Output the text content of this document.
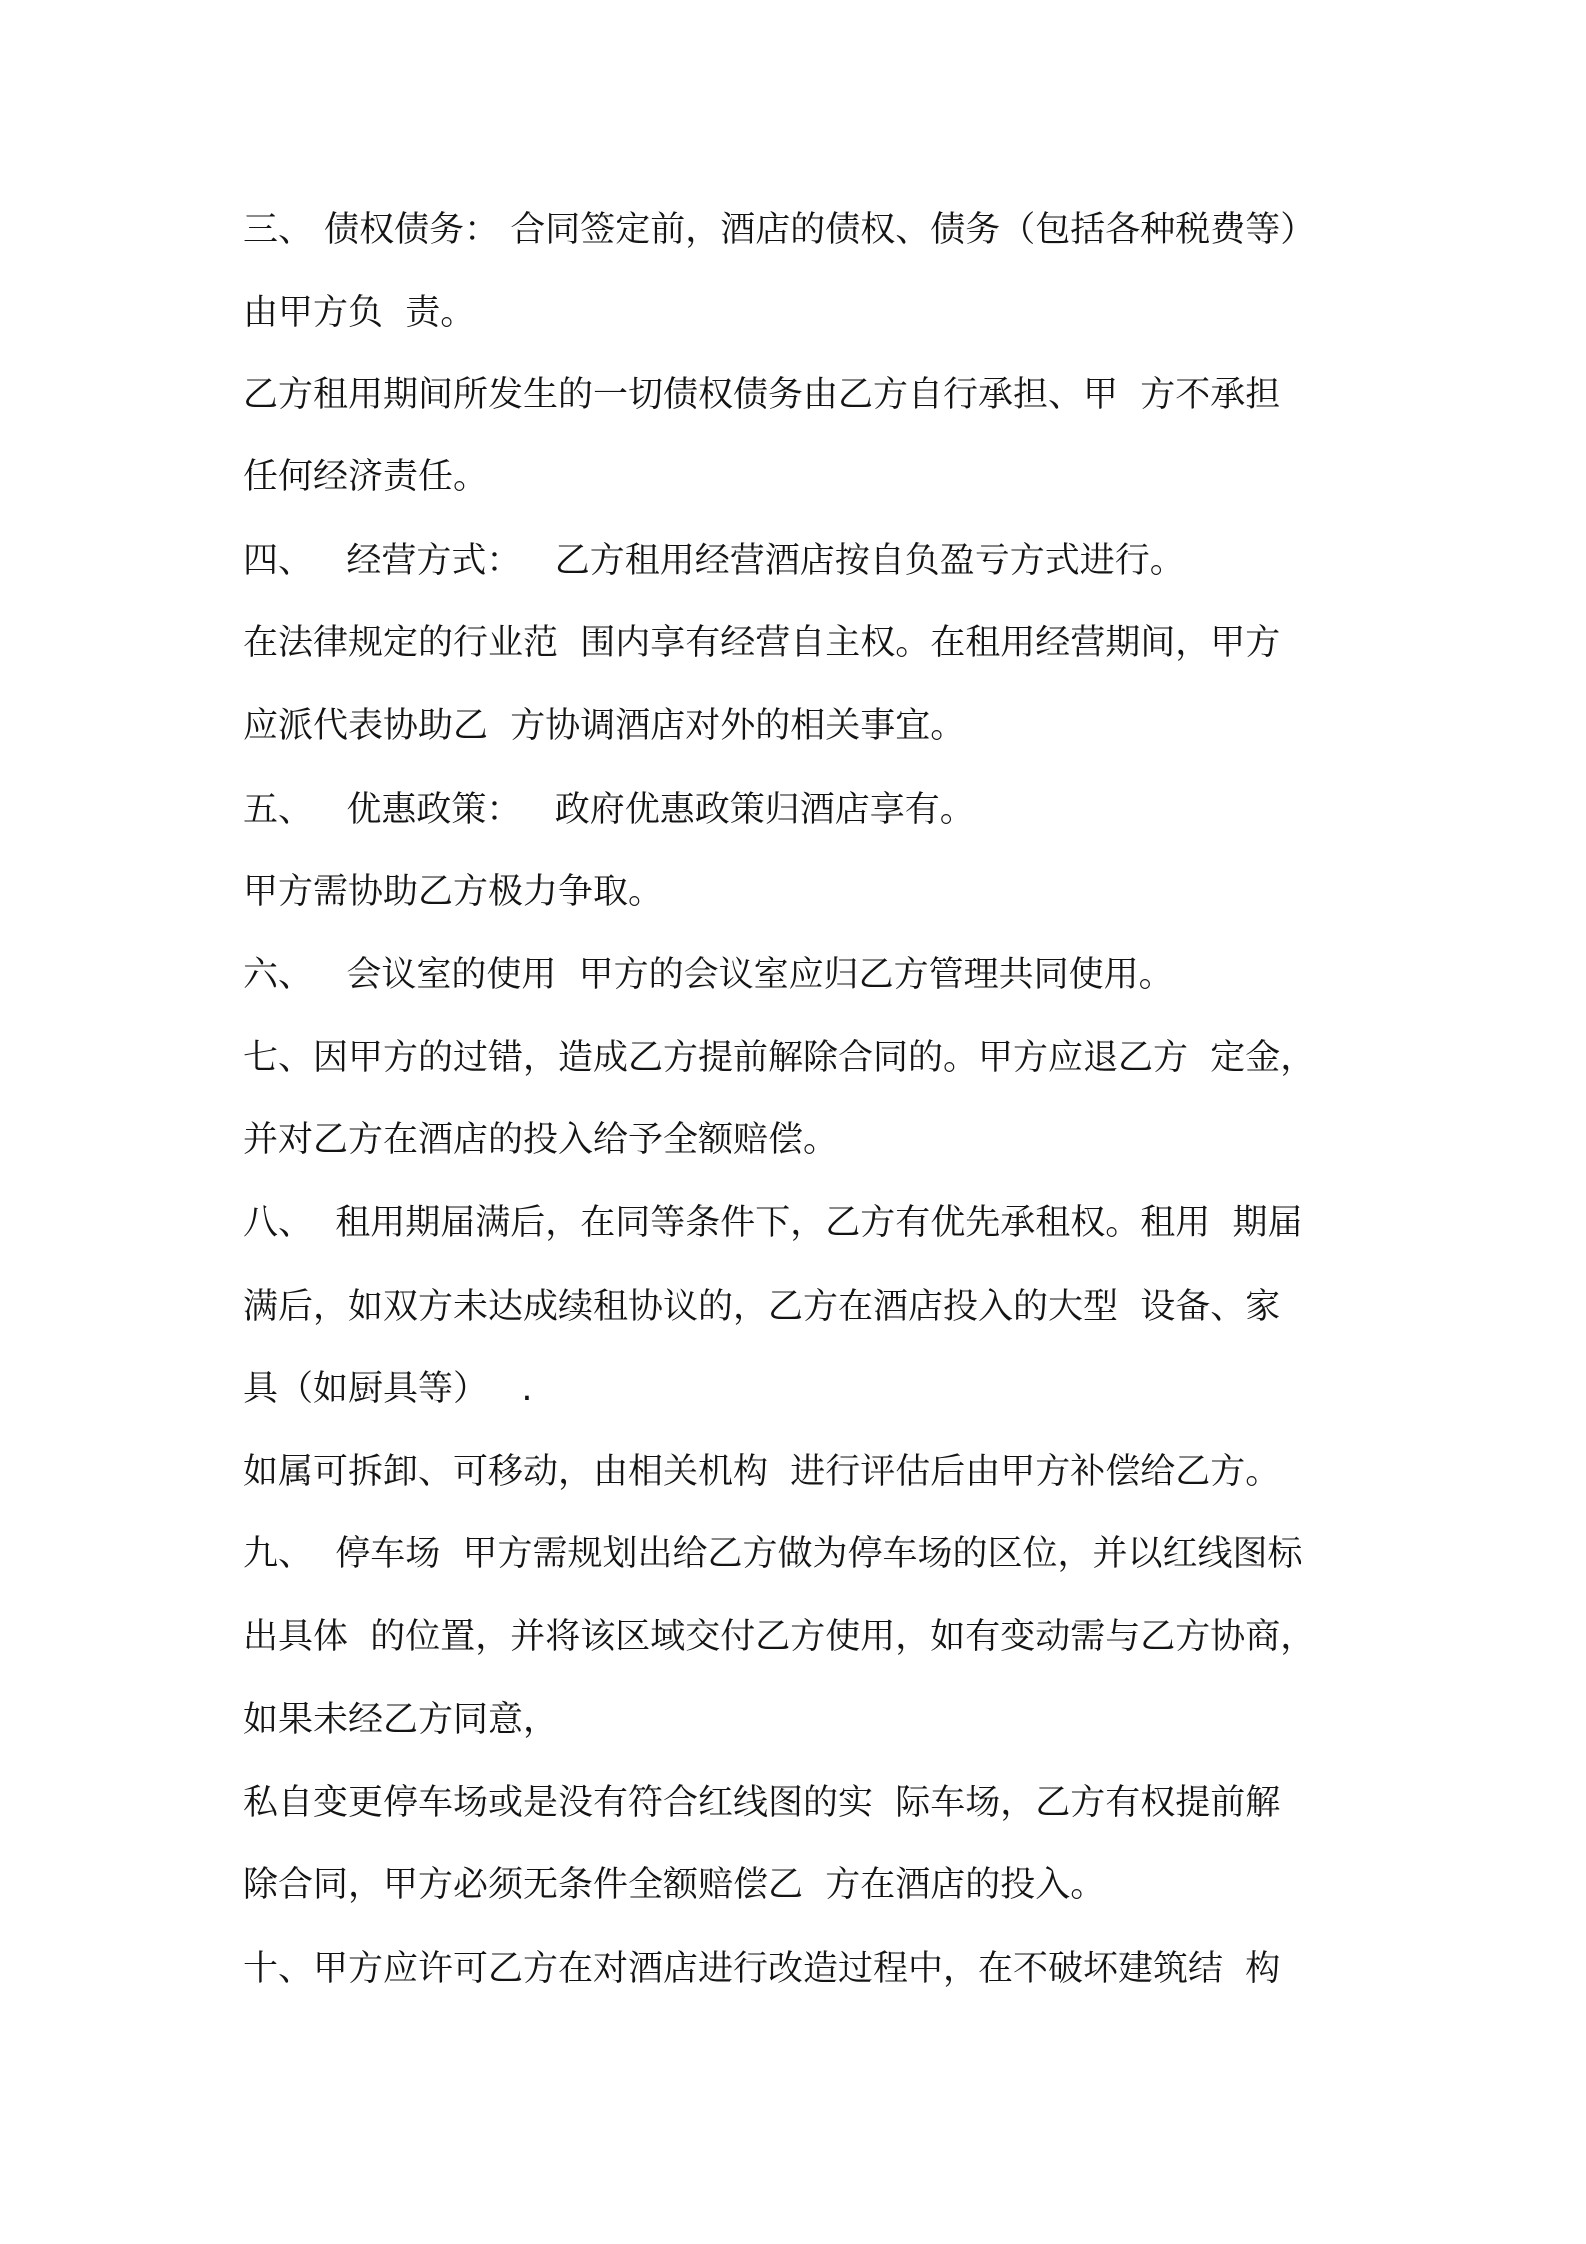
三、 债权债务： 合同签定前，酒店的债权、债务（包括各种税费等）

由甲方负  责。

乙方租用期间所发生的一切债权债务由乙方自行承担、甲  方不承担

任何经济责任。

四、   经营方式：   乙方租用经营酒店按自负盈亏方式进行。

在法律规定的行业范  围内享有经营自主权。在租用经营期间，甲方

应派代表协助乙  方协调酒店对外的相关事宜。

五、   优惠政策：   政府优惠政策归酒店享有。

甲方需协助乙方极力争取。

六、   会议室的使用  甲方的会议室应归乙方管理共同使用。

七、因甲方的过错，造成乙方提前解除合同的。甲方应退乙方  定金，

并对乙方在酒店的投入给予全额赔偿。

八、  租用期届满后，在同等条件下，乙方有优先承租权。租用  期届

满后，如双方未达成续租协议的，乙方在酒店投入的大型  设备、家

具（如厨具等）   .

如属可拆卸、可移动，由相关机构  进行评估后由甲方补偿给乙方。

九、  停车场  甲方需规划出给乙方做为停车场的区位，并以红线图标

出具体  的位置，并将该区域交付乙方使用，如有变动需与乙方协商，

如果未经乙方同意，

私自变更停车场或是没有符合红线图的实  际车场，乙方有权提前解

除合同，甲方必须无条件全额赔偿乙  方在酒店的投入。

十、甲方应许可乙方在对酒店进行改造过程中，在不破坏建筑结  构
